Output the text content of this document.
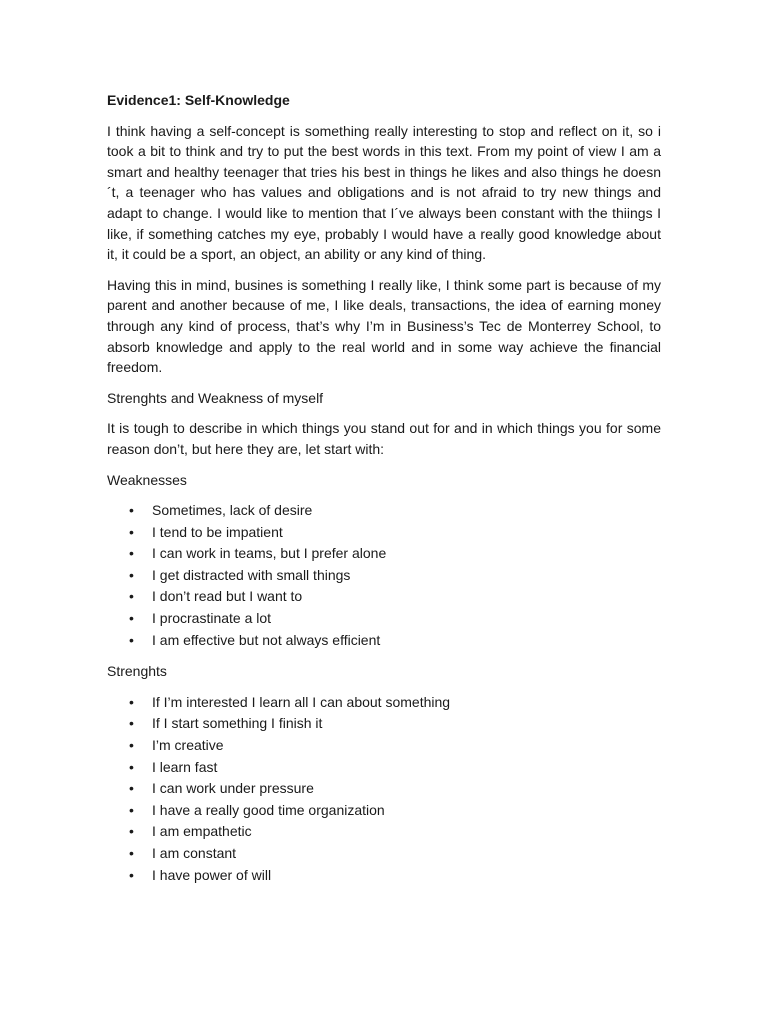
Evidence1: Self-Knowledge

I think having a self-concept is something really interesting to stop and reflect on it, so i took a bit to think and try to put the best words in this text. From my point of view I am a smart and healthy teenager that tries his best in things he likes and also things he doesn´t, a teenager who has values and obligations and is not afraid to try new things and adapt to change. I would like to mention that I´ve always been constant with the thiings I like, if something catches my eye, probably I would have a really good knowledge about it, it could be a sport, an object, an ability or any kind of thing.

Having this in mind, busines is something I really like, I think some part is because of my parent and another because of me, I like deals, transactions, the idea of earning money through any kind of process, that’s why I’m in Business’s Tec de Monterrey School, to absorb knowledge and apply to the real world and in some way achieve the financial freedom.

Strenghts and Weakness of myself

It is tough to describe in which things you stand out for and in which things you for some reason don’t, but here they are, let start with:

Weaknesses

• Sometimes, lack of desire
• I tend to be impatient
• I can work in teams, but I prefer alone
• I get distracted with small things
• I don’t read but I want to
• I procrastinate a lot
• I am effective but not always efficient

Strenghts

• If I’m interested I learn all I can about something
• If I start something I finish it
• I’m creative
• I learn fast
• I can work under pressure
• I have a really good time organization
• I am empathetic
• I am constant
• I have power of will
